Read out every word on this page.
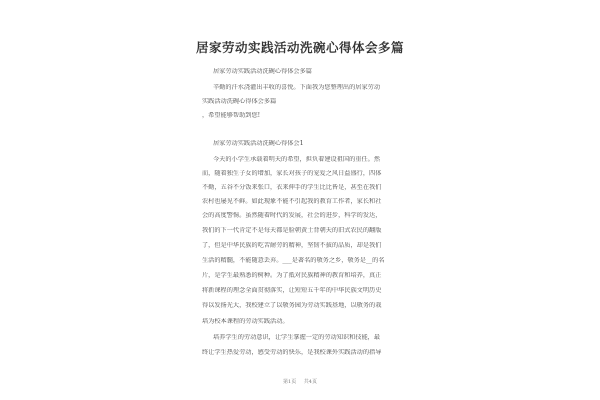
居家劳动实践活动洗碗心得体会多篇
居家劳动实践活动洗碗心得体会多篇
辛勤的汗水浇灌出丰收的喜悦。下面我为您整理出的居家劳动
实践活动洗碗心得体会多篇
，希望能够帮助到您!
居家劳动实践活动洗碗心得体会1
今天的小学生承载着明天的希望，担负着建设祖国的重任。然
而，随着独生子女的增加，家长对孩子的宠爱之风日益盛行，四体
不勤，五谷不分饭来张口，衣来伸手的学生比比皆是，甚至在我们
农村也屡见不鲜。如此现象不能不引起我的教育工作者，家长和社
会的高度警惕。虽然随着时代的发展，社会的进步，科学的发达，
我们的下一代肯定不是每天都是脸朝黄土背朝天的旧式农民的翻版
了，但是中华民族的吃苦耐劳的精神，坚韧不拔的品质，却是我们
生活的精髓，不能随意丢弃。___是著名的敬务之乡，敬务是__的名
片，是学生最熟悉的树种。为了抵对民族精神的教育和培养，真正
将新课程的理念全面贯彻落实，让短短五千年的中华民族文明历史
得以发扬光大，我校建立了以敬务园为劳动实践基地，以敬务的栽
培为校本课程的劳动实践活动。
培养学生的劳动意识，让学生掌握一定的劳动知识和技能，最
终让学生热爱劳动，感受劳动的快乐，是我校课外实践活动的指导
第1页 共4页
